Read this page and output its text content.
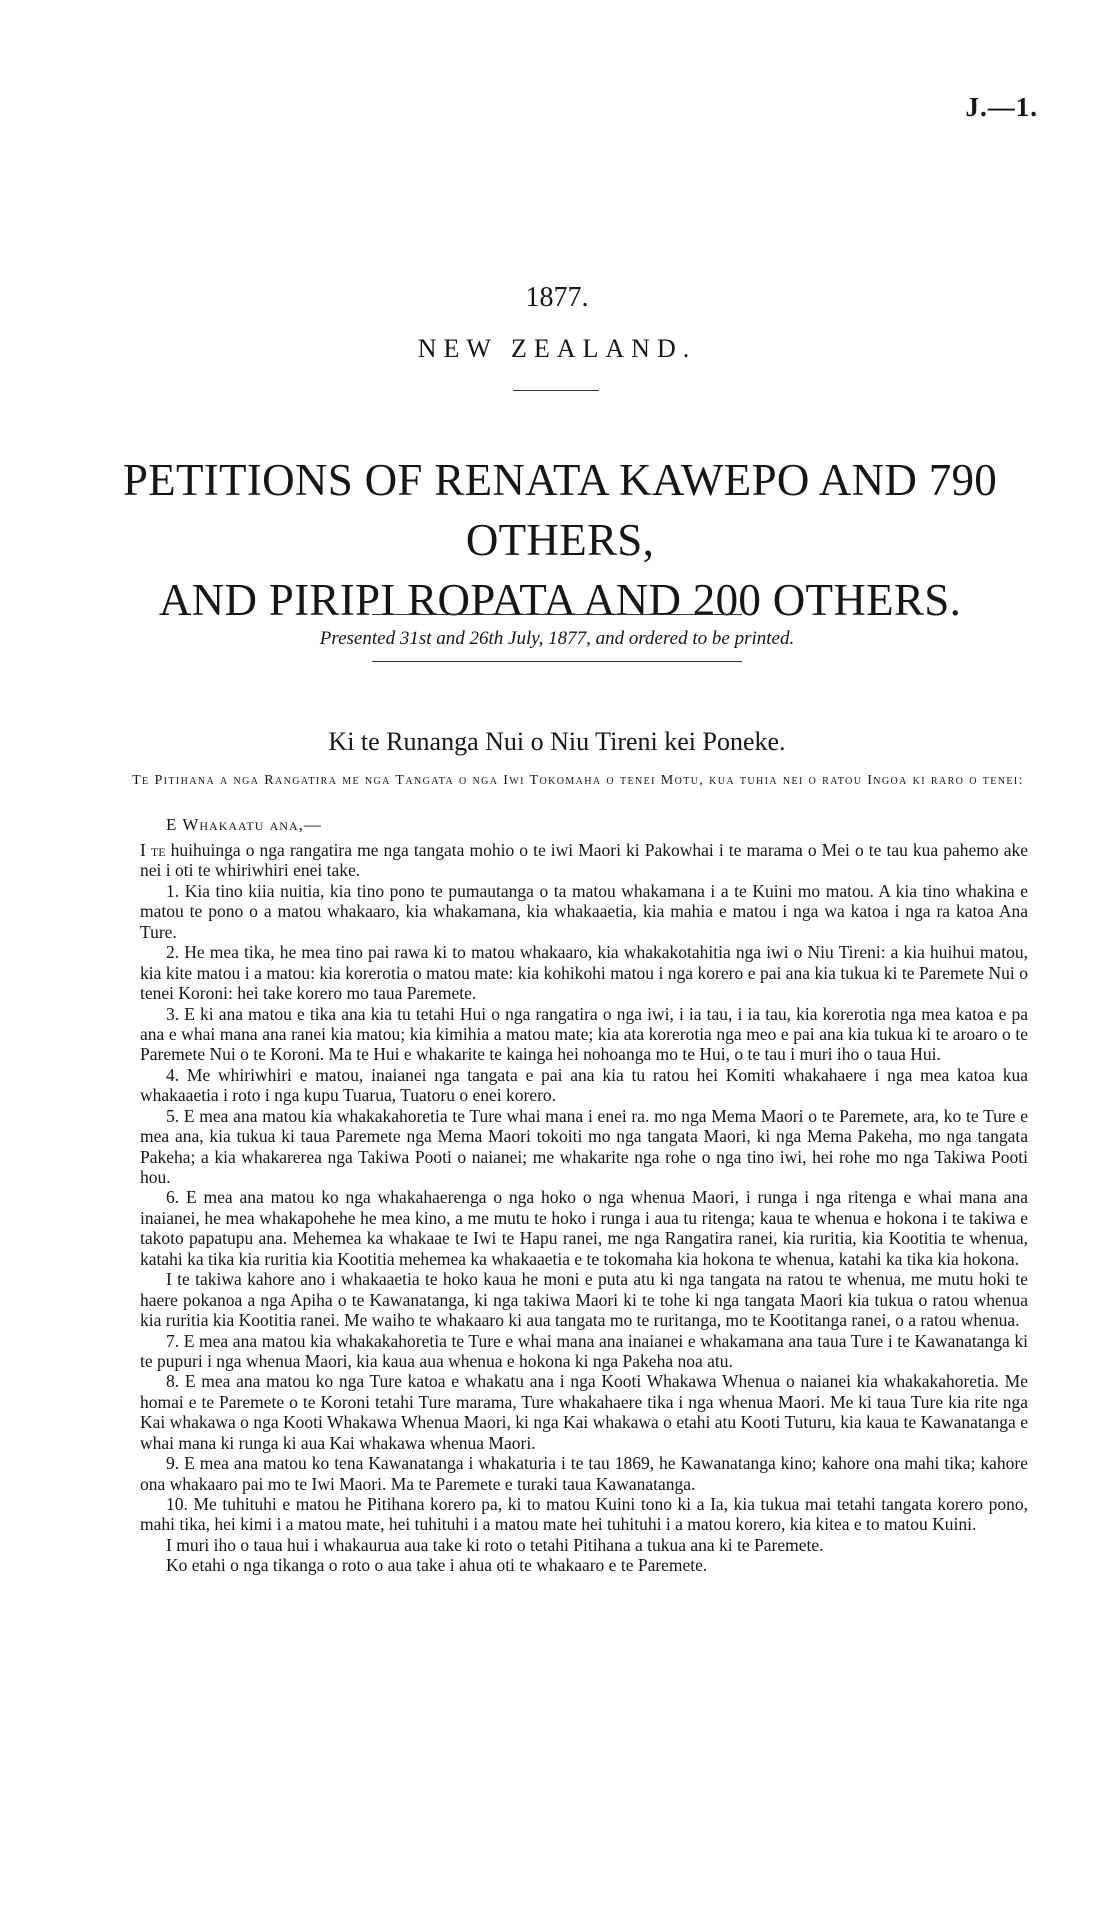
J.—1.
1877.
NEW ZEALAND.
PETITIONS OF RENATA KAWEPO AND 790 OTHERS,
AND PIRIPI ROPATA AND 200 OTHERS.
Presented 31st and 26th July, 1877, and ordered to be printed.
Ki te Runanga Nui o Niu Tireni kei Poneke.
Te Pitihana a nga Rangatira me nga Tangata o nga Iwi Tokomaha o tenei Motu, kua tuhia nei o ratou Ingoa ki raro o tenei:
E Whakaatu ana,—

I te huihuinga o nga rangatira me nga tangata mohio o te iwi Maori ki Pakowhai i te marama o Mei o te tau kua pahemo ake nei i oti te whiriwhiri enei take.

1. Kia tino kiia nuitia, kia tino pono te pumautanga o ta matou whakamana i a te Kuini mo matou. A kia tino whakina e matou te pono o a matou whakaaro, kia whakamana, kia whakaaetia, kia mahia e matou i nga wa katoa i nga ra katoa Ana Ture.

2. He mea tika, he mea tino pai rawa ki to matou whakaaro, kia whakakotahitia nga iwi o Niu Tireni: a kia huihui matou, kia kite matou i a matou: kia korerotia o matou mate: kia kohikohi matou i nga korero e pai ana kia tukua ki te Paremete Nui o tenei Koroni: hei take korero mo taua Paremete.

3. E ki ana matou e tika ana kia tu tetahi Hui o nga rangatira o nga iwi, i ia tau, i ia tau, kia korerotia nga mea katoa e pa ana e whai mana ana ranei kia matou; kia kimihia a matou mate; kia ata korerotia nga meo e pai ana kia tukua ki te aroaro o te Paremete Nui o te Koroni. Ma te Hui e whakarite te kainga hei nohoanga mo te Hui, o te tau i muri iho o taua Hui.

4. Me whiriwhiri e matou, inaianei nga tangata e pai ana kia tu ratou hei Komiti whakahaere i nga mea katoa kua whakaaetia i roto i nga kupu Tuarua, Tuatoru o enei korero.

5. E mea ana matou kia whakakahoretia te Ture whai mana i enei ra. mo nga Mema Maori o te Paremete, ara, ko te Ture e mea ana, kia tukua ki taua Paremete nga Mema Maori tokoiti mo nga tangata Maori, ki nga Mema Pakeha, mo nga tangata Pakeha; a kia whakarerea nga Takiwa Pooti o naianei; me whakarite nga rohe o nga tino iwi, hei rohe mo nga Takiwa Pooti hou.

6. E mea ana matou ko nga whakahaerenga o nga hoko o nga whenua Maori, i runga i nga ritenga e whai mana ana inaianei, he mea whakapohehe he mea kino, a me mutu te hoko i runga i aua tu ritenga; kaua te whenua e hokona i te takiwa e takoto papatupu ana. Mehemea ka whakaae te Iwi te Hapu ranei, me nga Rangatira ranei, kia ruritia, kia Kootitia te whenua, katahi ka tika kia ruritia kia Kootitia mehemea ka whakaaetia e te tokomaha kia hokona te whenua, katahi ka tika kia hokona.

I te takiwa kahore ano i whakaaetia te hoko kaua he moni e puta atu ki nga tangata na ratou te whenua, me mutu hoki te haere pokanoa a nga Apiha o te Kawanatanga, ki nga takiwa Maori ki te tohe ki nga tangata Maori kia tukua o ratou whenua kia ruritia kia Kootitia ranei. Me waiho te whakaaro ki aua tangata mo te ruritanga, mo te Kootitanga ranei, o a ratou whenua.

7. E mea ana matou kia whakakahoretia te Ture e whai mana ana inaianei e whakamana ana taua Ture i te Kawanatanga ki te pupuri i nga whenua Maori, kia kaua aua whenua e hokona ki nga Pakeha noa atu.

8. E mea ana matou ko nga Ture katoa e whakatu ana i nga Kooti Whakawa Whenua o naianei kia whakakahoretia. Me homai e te Paremete o te Koroni tetahi Ture marama, Ture whakahaere tika i nga whenua Maori. Me ki taua Ture kia rite nga Kai whakawa o nga Kooti Whakawa Whenua Maori, ki nga Kai whakawa o etahi atu Kooti Tuturu, kia kaua te Kawanatanga e whai mana ki runga ki aua Kai whakawa whenua Maori.

9. E mea ana matou ko tena Kawanatanga i whakaturia i te tau 1869, he Kawanatanga kino; kahore ona mahi tika; kahore ona whakaaro pai mo te Iwi Maori. Ma te Paremete e turaki taua Kawanatanga.

10. Me tuhituhi e matou he Pitihana korero pa, ki to matou Kuini tono ki a Ia, kia tukua mai tetahi tangata korero pono, mahi tika, hei kimi i a matou mate, hei tuhituhi i a matou mate hei tuhituhi i a matou korero, kia kitea e to matou Kuini.

I muri iho o taua hui i whakaurua aua take ki roto o tetahi Pitihana a tukua ana ki te Paremete.

Ko etahi o nga tikanga o roto o aua take i ahua oti te whakaaro e te Paremete.
